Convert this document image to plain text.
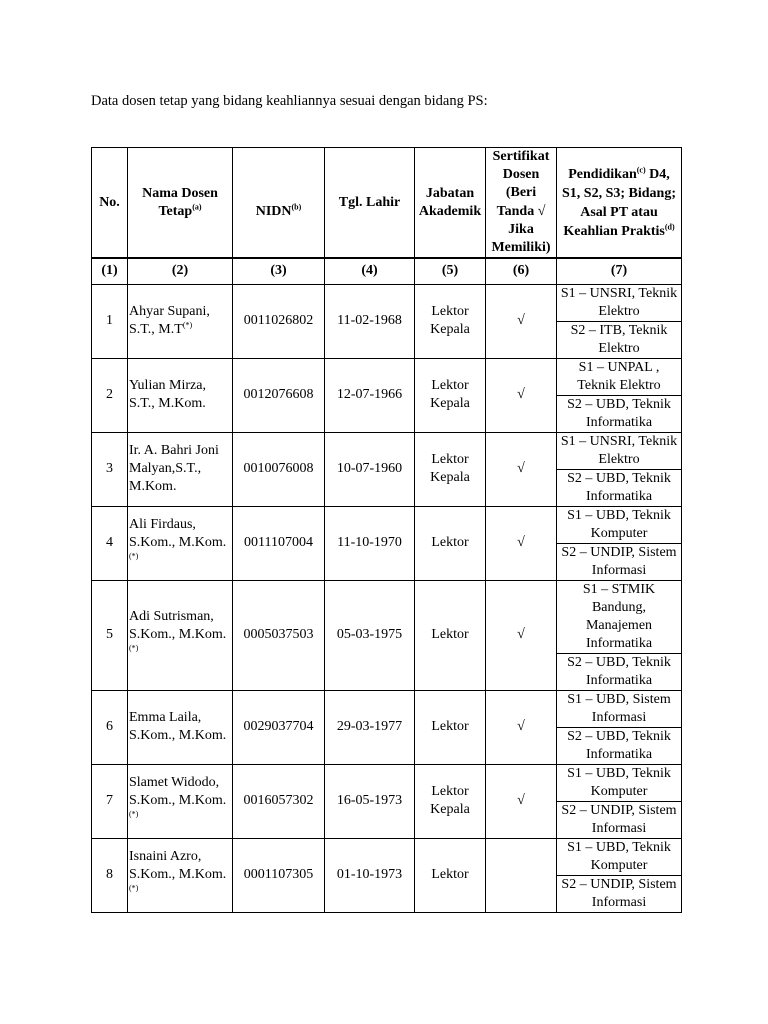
Data dosen tetap yang bidang keahliannya sesuai dengan bidang PS:
No.	Nama Dosen Tetap$^{(a)}$	NIDN$^{(b)}$	Tgl. Lahir	Jabatan Akademik	Sertifikat Dosen (Beri Tanda √ Jika Memiliki)	Pendidikan$^{(c)}$ D4, S1, S2, S3; Bidang; Asal PT atau Keahlian Praktis$^{(d)}$
(1)	(2)	(3)	(4)	(5)	(6)	(7)
1	Ahyar Supani, S.T., M.T(*)	0011026802	11-02-1968	Lektor Kepala	√	S1 – UNSRI, Teknik Elektro
						S2 – ITB, Teknik Elektro
2	Yulian Mirza, S.T., M.Kom.	0012076608	12-07-1966	Lektor Kepala	√	S1 – UNPAL , Teknik Elektro
						S2 – UBD, Teknik Informatika
3	Ir. A. Bahri Joni Malyan,S.T., M.Kom.	0010076008	10-07-1960	Lektor Kepala	√	S1 – UNSRI, Teknik Elektro
						S2 – UBD, Teknik Informatika
4	Ali Firdaus, S.Kom., M.Kom.(*)	0011107004	11-10-1970	Lektor	√	S1 – UBD, Teknik Komputer
						S2 – UNDIP, Sistem Informasi
5	Adi Sutrisman, S.Kom., M.Kom.(*)	0005037503	05-03-1975	Lektor	√	S1 – STMIK Bandung, Manajemen Informatika
						S2 – UBD, Teknik Informatika
6	Emma Laila, S.Kom., M.Kom.	0029037704	29-03-1977	Lektor	√	S1 – UBD, Sistem Informasi
						S2 – UBD, Teknik Informatika
7	Slamet Widodo, S.Kom., M.Kom.(*)	0016057302	16-05-1973	Lektor Kepala	√	S1 – UBD, Teknik Komputer
						S2 – UNDIP, Sistem Informasi
8	Isnaini Azro, S.Kom., M.Kom.(*)	0001107305	01-10-1973	Lektor		S1 – UBD, Teknik Komputer
						S2 – UNDIP, Sistem Informasi
